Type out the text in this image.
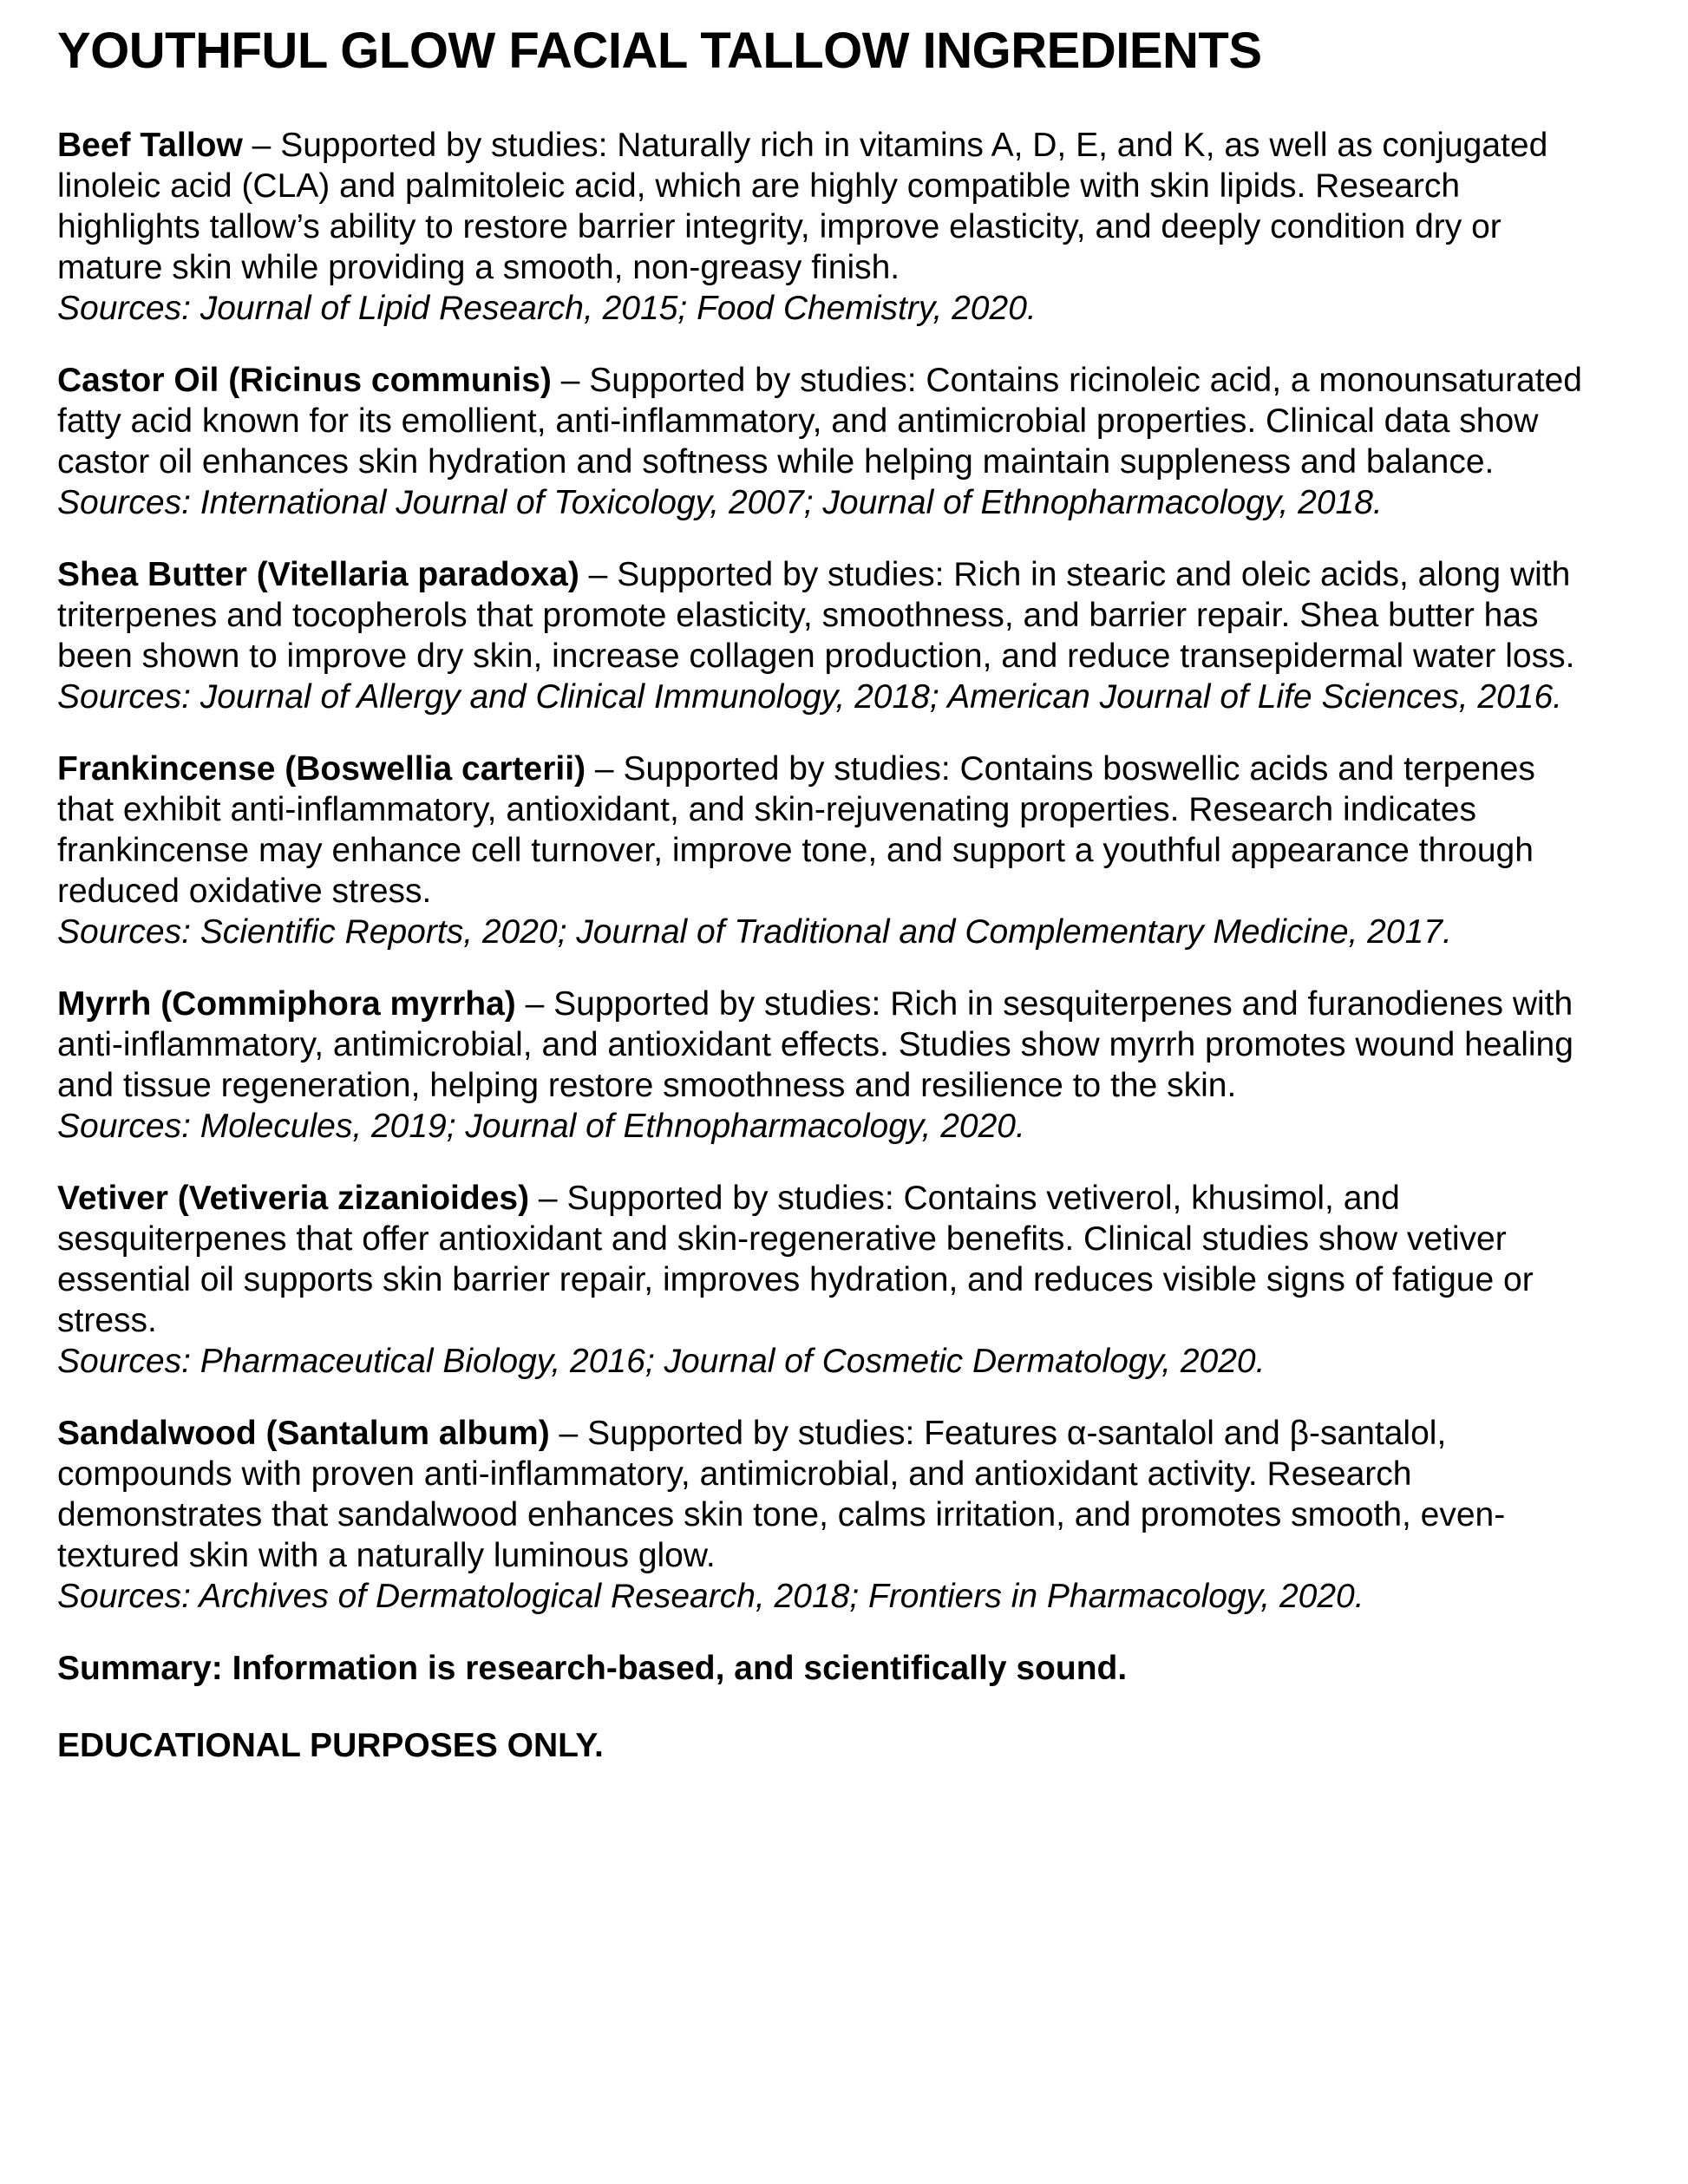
YOUTHFUL GLOW FACIAL TALLOW INGREDIENTS

Beef Tallow – Supported by studies: Naturally rich in vitamins A, D, E, and K, as well as conjugated linoleic acid (CLA) and palmitoleic acid, which are highly compatible with skin lipids. Research highlights tallow’s ability to restore barrier integrity, improve elasticity, and deeply condition dry or mature skin while providing a smooth, non-greasy finish.
Sources: Journal of Lipid Research, 2015; Food Chemistry, 2020.

Castor Oil (Ricinus communis) – Supported by studies: Contains ricinoleic acid, a monounsaturated fatty acid known for its emollient, anti-inflammatory, and antimicrobial properties. Clinical data show castor oil enhances skin hydration and softness while helping maintain suppleness and balance.
Sources: International Journal of Toxicology, 2007; Journal of Ethnopharmacology, 2018.

Shea Butter (Vitellaria paradoxa) – Supported by studies: Rich in stearic and oleic acids, along with triterpenes and tocopherols that promote elasticity, smoothness, and barrier repair. Shea butter has been shown to improve dry skin, increase collagen production, and reduce transepidermal water loss.
Sources: Journal of Allergy and Clinical Immunology, 2018; American Journal of Life Sciences, 2016.

Frankincense (Boswellia carterii) – Supported by studies: Contains boswellic acids and terpenes that exhibit anti-inflammatory, antioxidant, and skin-rejuvenating properties. Research indicates frankincense may enhance cell turnover, improve tone, and support a youthful appearance through reduced oxidative stress.
Sources: Scientific Reports, 2020; Journal of Traditional and Complementary Medicine, 2017.

Myrrh (Commiphora myrrha) – Supported by studies: Rich in sesquiterpenes and furanodienes with anti-inflammatory, antimicrobial, and antioxidant effects. Studies show myrrh promotes wound healing and tissue regeneration, helping restore smoothness and resilience to the skin.
Sources: Molecules, 2019; Journal of Ethnopharmacology, 2020.

Vetiver (Vetiveria zizanioides) – Supported by studies: Contains vetiverol, khusimol, and sesquiterpenes that offer antioxidant and skin-regenerative benefits. Clinical studies show vetiver essential oil supports skin barrier repair, improves hydration, and reduces visible signs of fatigue or stress.
Sources: Pharmaceutical Biology, 2016; Journal of Cosmetic Dermatology, 2020.

Sandalwood (Santalum album) – Supported by studies: Features α-santalol and β-santalol, compounds with proven anti-inflammatory, antimicrobial, and antioxidant activity. Research demonstrates that sandalwood enhances skin tone, calms irritation, and promotes smooth, even-textured skin with a naturally luminous glow.
Sources: Archives of Dermatological Research, 2018; Frontiers in Pharmacology, 2020.

Summary: Information is research-based, and scientifically sound.

EDUCATIONAL PURPOSES ONLY.
